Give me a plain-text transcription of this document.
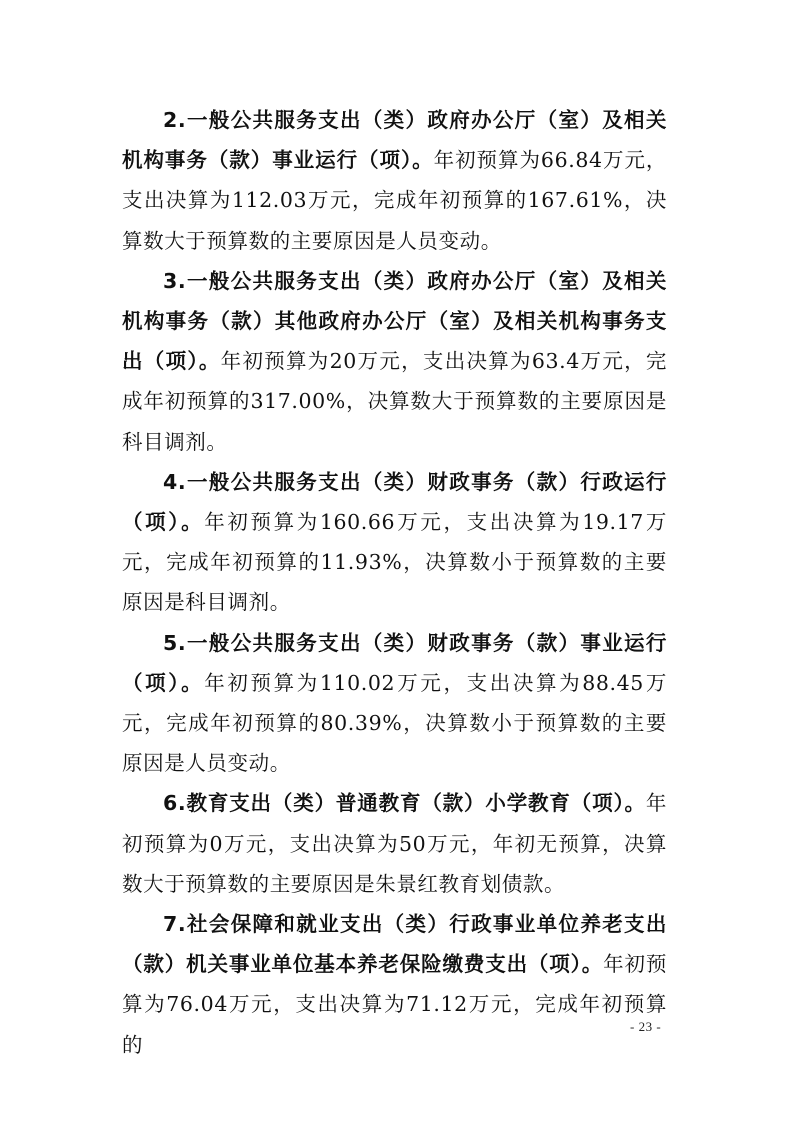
2.一般公共服务支出（类）政府办公厅（室）及相关机构事务（款）事业运行（项）。年初预算为66.84万元，支出决算为112.03万元，完成年初预算的167.61%，决算数大于预算数的主要原因是人员变动。

3.一般公共服务支出（类）政府办公厅（室）及相关机构事务（款）其他政府办公厅（室）及相关机构事务支出（项）。年初预算为20万元，支出决算为63.4万元，完成年初预算的317.00%，决算数大于预算数的主要原因是科目调剂。

4.一般公共服务支出（类）财政事务（款）行政运行（项）。年初预算为160.66万元，支出决算为19.17万元，完成年初预算的11.93%，决算数小于预算数的主要原因是科目调剂。

5.一般公共服务支出（类）财政事务（款）事业运行（项）。年初预算为110.02万元，支出决算为88.45万元，完成年初预算的80.39%，决算数小于预算数的主要原因是人员变动。

6.教育支出（类）普通教育（款）小学教育（项）。年初预算为0万元，支出决算为50万元，年初无预算，决算数大于预算数的主要原因是朱景红教育划债款。

7.社会保障和就业支出（类）行政事业单位养老支出（款）机关事业单位基本养老保险缴费支出（项）。年初预算为76.04万元，支出决算为71.12万元，完成年初预算的

- 23 -
